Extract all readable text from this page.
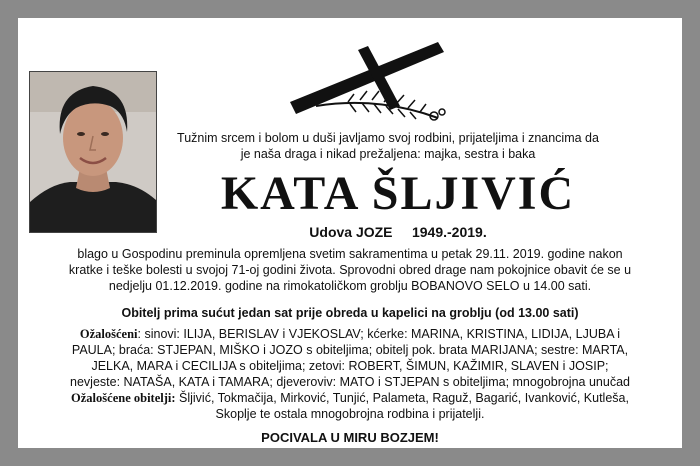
Tužnim srcem i bolom u duši javljamo svoj rodbini, prijateljima i znancima da
je naša draga i nikad prežaljena: majka, sestra i baka
KATA ŠLJIVIĆ
Udova JOZE 1949.-2019.
blago u Gospodinu preminula opremljena svetim sakramentima u petak 29.11. 2019. godine nakon
kratke i teške bolesti u svojoj 71-oj godini života. Sprovodni obred drage nam pokojnice obavit će se u
nedjelju 01.12.2019. godine na rimokatoličkom groblju BOBANOVO SELO u 14.00 sati.
Obitelj prima sućut jedan sat prije obreda u kapelici na groblju (od 13.00 sati)
Ožalošćeni: sinovi: ILIJA, BERISLAV i VJEKOSLAV; kćerke: MARINA, KRISTINA, LIDIJA, LJUBA i
PAULA; braća: STJEPAN, MIŠKO i JOZO s obiteljima; obitelj pok. brata MARIJANA; sestre: MARTA,
JELKA, MARA i CECILIJA s obiteljima; zetovi: ROBERT, ŠIMUN, KAŽIMIR, SLAVEN i JOSIP;
nevjeste: NATAŠA, KATA i TAMARA; djeveroviv: MATO i STJEPAN s obiteljima; mnogobrojna unučad
Ožalošćene obitelji: Šljivić, Tokmačija, Mirković, Tunjić, Palameta, Raguž, Bagarić, Ivanković, Kutleša,
Skoplje te ostala mnogobrojna rodbina i prijatelji.
POCIVALA U MIRU BOZJEM!
